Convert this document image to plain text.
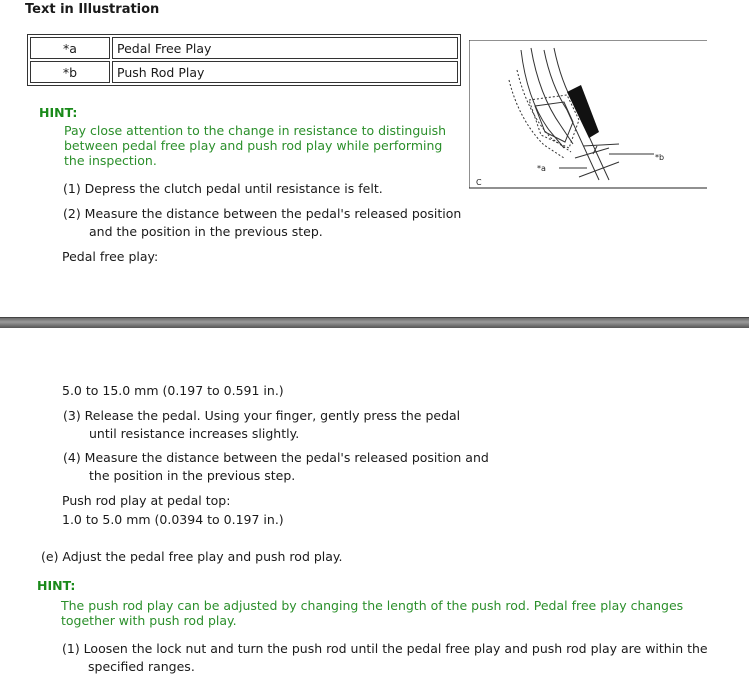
Text in Illustration
*a	Pedal Free Play
*b	Push Rod Play
HINT:
Pay close attention to the change in resistance to distinguish between pedal free play and push rod play while performing the inspection.
(1) Depress the clutch pedal until resistance is felt.
(2) Measure the distance between the pedal's released position and the position in the previous step.
Pedal free play:
*b
*a
C
5.0 to 15.0 mm (0.197 to 0.591 in.)
(3) Release the pedal. Using your finger, gently press the pedal until resistance increases slightly.
(4) Measure the distance between the pedal's released position and the position in the previous step.
Push rod play at pedal top:
1.0 to 5.0 mm (0.0394 to 0.197 in.)
(e) Adjust the pedal free play and push rod play.
HINT:
The push rod play can be adjusted by changing the length of the push rod. Pedal free play changes together with push rod play.
(1) Loosen the lock nut and turn the push rod until the pedal free play and push rod play are within the specified ranges.
